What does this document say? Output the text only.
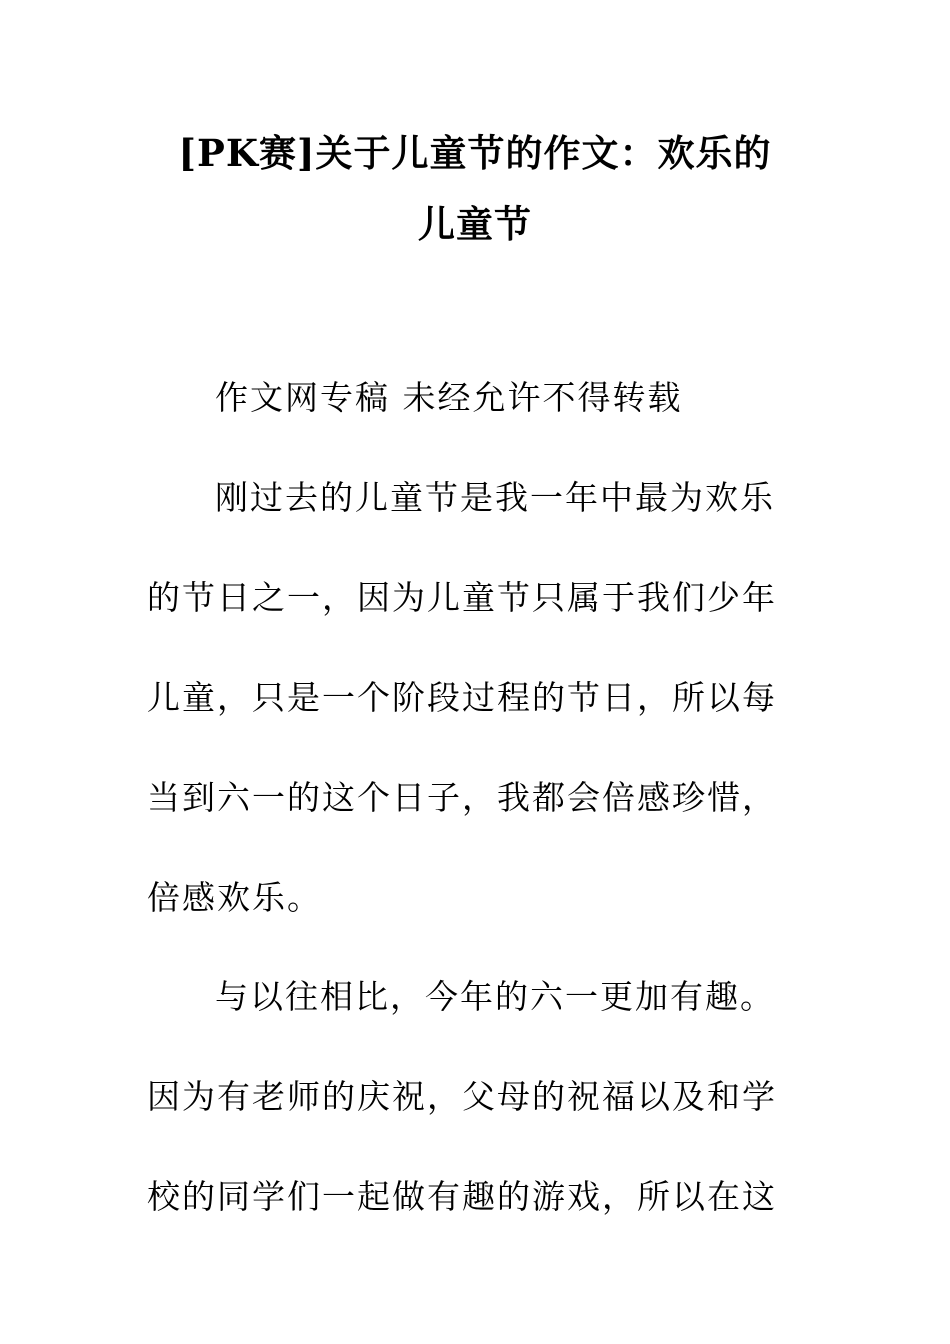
[PK赛]关于儿童节的作文：欢乐的
儿童节
作文网专稿 未经允许不得转载
刚过去的儿童节是我一年中最为欢乐
的节日之一，因为儿童节只属于我们少年
儿童，只是一个阶段过程的节日，所以每
当到六一的这个日子，我都会倍感珍惜，
倍感欢乐。
与以往相比，今年的六一更加有趣。
因为有老师的庆祝，父母的祝福以及和学
校的同学们一起做有趣的游戏，所以在这
